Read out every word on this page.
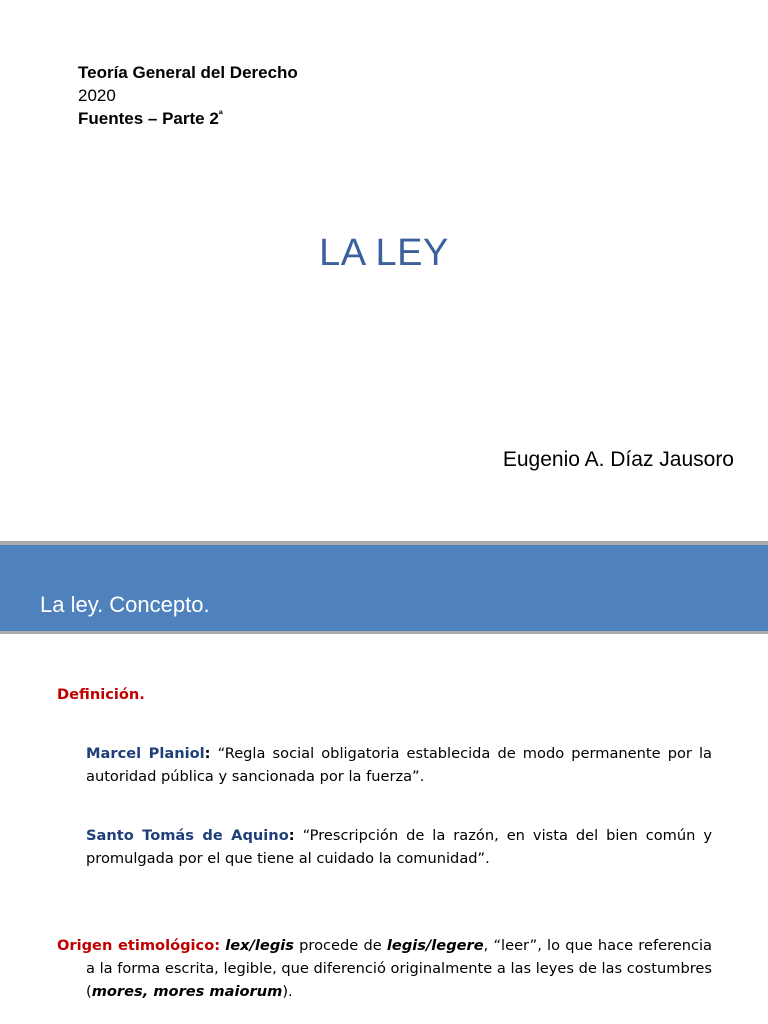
Teoría General del Derecho
2020
Fuentes – Parte $2^ª$
LA LEY
Eugenio A. Díaz Jausoro
La ley. Concepto.
Definición.
Marcel Planiol: “Regla social obligatoria establecida de modo permanente por la autoridad pública y sancionada por la fuerza”.
Santo Tomás de Aquino: “Prescripción de la razón, en vista del bien común y promulgada por el que tiene al cuidado la comunidad”.
Origen etimológico: lex/legis procede de legis/legere, “leer”, lo que hace referencia a la forma escrita, legible, que diferenció originalmente a las leyes de las costumbres (mores, mores maiorum).
